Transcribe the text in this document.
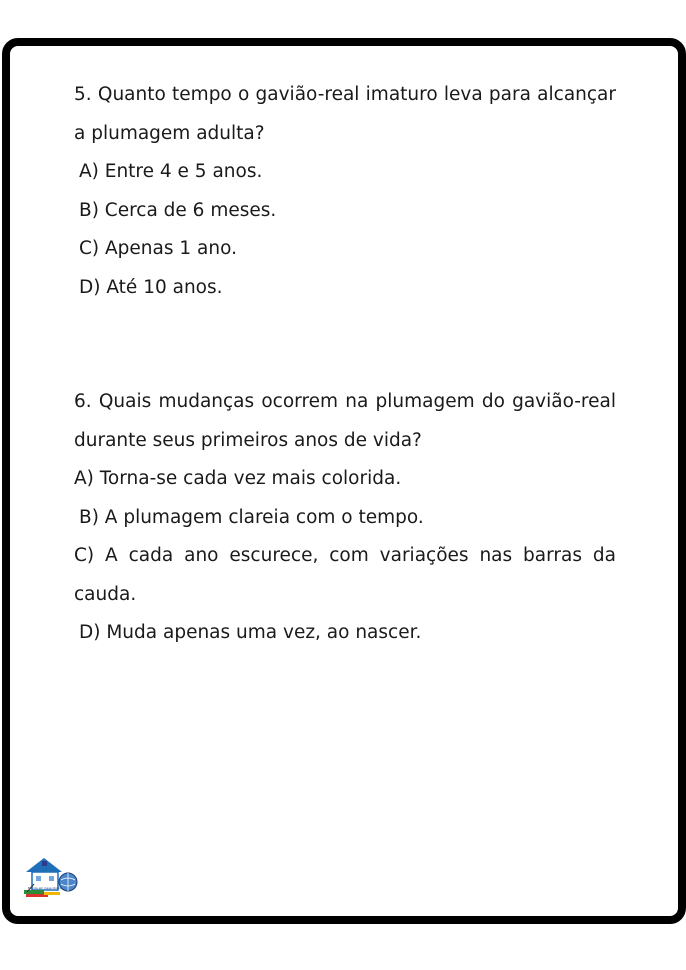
5. Quanto tempo o gavião-real imaturo leva para alcançar a plumagem adulta?

A) Entre 4 e 5 anos.

B) Cerca de 6 meses.

C) Apenas 1 ano.

D) Até 10 anos.

6. Quais mudanças ocorrem na plumagem do gavião-real durante seus primeiros anos de vida?

A) Torna-se cada vez mais colorida.

B) A plumagem clareia com o tempo.

C) A cada ano escurece, com variações nas barras da cauda.

D) Muda apenas uma vez, ao nascer.

Escola em Casa Online
